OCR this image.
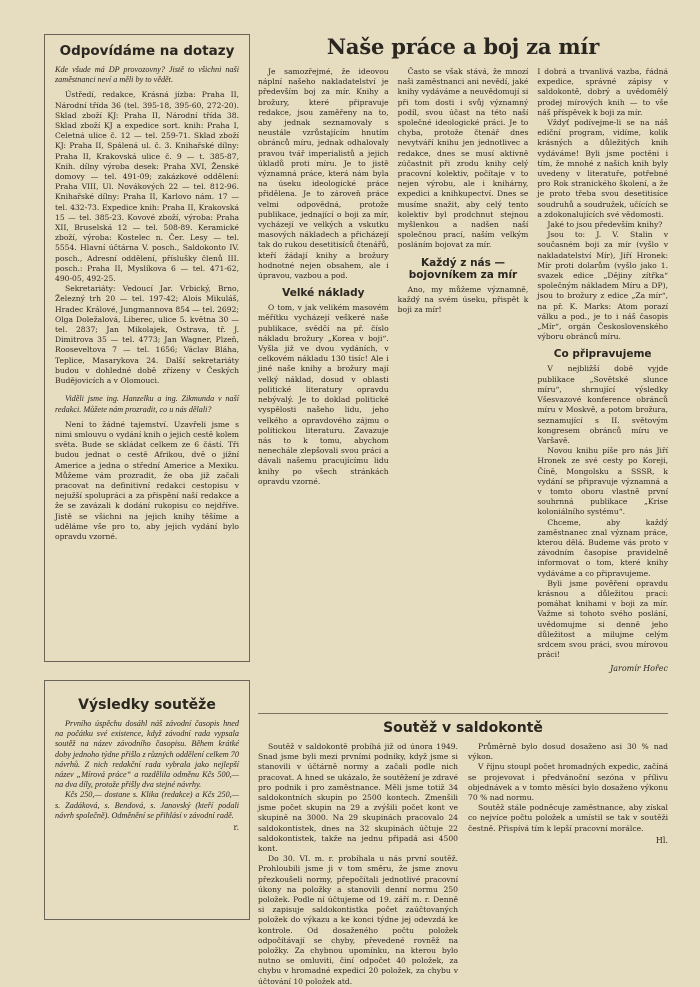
Odpovídáme na dotazy

Kde všude má DP provozovny? Jistě to všichni naši zaměstnanci neví a měli by to vědět.

Ústředí, redakce, Krásná jízba: Praha II, Národní třída 36 (tel. 395-18, 395-60, 272-20). Sklad zboží KJ: Praha II, Národní třída 38. Sklad zboží KJ a expedice sort. knih: Praha I, Celetná ulice č. 12 — tel. 259-71. Sklad zboží KJ: Praha II, Spálená ul. č. 3. Knihařské dílny: Praha II, Krakovská ulice č. 9 — t. 385-87, Knih. dílny výroba desek: Praha XVI, Ženské domovy — tel. 491-09; zakázkové oddělení: Praha VIII, Ul. Novákových 22 — tel. 812-96. Knihařské dílny: Praha II, Karlovo nám. 17 — tel. 432-73. Expedice knih: Praha II, Krakovská 15 — tel. 385-23. Kovové zboží, výroba: Praha XII, Bruselská 12 — tel. 508-89. Keramické zboží, výroba: Kostelec n. Čer. Lesy — tel. 5554. Hlavní účtárna V. posch., Saldokonto IV. posch., Adresní oddělení, příslušky členů III. posch.: Praha II, Myslíkova 6 — tel. 471-62, 490-05, 492-25.

Sekretariáty: Vedoucí Jar. Vrbický, Brno, Železný trh 20 — tel. 197-42; Alois Mikuláš, Hradec Králové, Jungmannova 854 — tel. 2692; Olga Doležalová, Liberec, ulice 5. května 30 — tel. 2837; Jan Mikolajek, Ostrava, tř. J. Dimitrova 35 — tel. 4773; Jan Wagner, Plzeň, Rooseveltova 7 — tel. 1656; Václav Bláha, Teplice, Masarykova 24. Další sekretariáty budou v dohledné době zřízeny v Českých Budějovicích a v Olomouci.

Viděli jsme ing. Hanzelku a ing. Zikmunda v naší redakci. Můžete nám prozradit, co u nás dělali?

Není to žádné tajemství. Uzavřeli jsme s nimi smlouvu o vydání knih o jejich cestě kolem světa. Bude se skládat celkem ze 6 částí. Tři budou jednat o cestě Afrikou, dvě o jižní Americe a jedna o střední Americe a Mexiku. Můžeme vám prozradit, že oba již začali pracovat na definitivní redakci cestopisu v nejužší spolupráci a za přispění naší redakce a že se zavázali k dodání rukopisu co nejdříve. Jistě se všichni na jejich knihy těšíme a uděláme vše pro to, aby jejich vydání bylo opravdu vzorné.

Výsledky soutěže

Prvního úspěchu dosáhl náš závodní časopis hned na počátku své existence, když závodní rada vypsala soutěž na název závodního časopisu. Během krátké doby jednoho týdne přišlo z různých oddělení celkem 70 návrhů. Z nich redakční rada vybrala jako nejlepší název „Mírová práce“ a rozdělila odměnu Kčs 500,— na dva díly, protože přišly dva stejné návrhy.

Kčs 250,— dostane s. Klika (redakce) a Kčs 250,— s. Zadáková, s. Bendová, s. Janovský (kteří podali návrh společně). Odměnění se přihlásí v závodní radě.

r.
Naše práce a boj za mír

Je samozřejmé, že ideovou náplní našeho nakladatelství je především boj za mír. Knihy a brožury, které připravuje redakce, jsou zaměřeny na to, aby jednak seznamovaly s neustále vzrůstajícím hnutím obránců míru, jednak odhalovaly pravou tvář imperialistů a jejich úkladů proti míru. Je to jistě významná práce, která nám byla na úseku ideologické práce přidělena. Je to zároveň práce velmi odpovědná, protože publikace, jednající o boji za mír, vycházejí ve velkých a vskutku masových nákladech a přicházejí tak do rukou desetitisíců čtenářů, kteří žádají knihy a brožury hodnotné nejen obsahem, ale i úpravou, vazbou a pod.

Velké náklady

O tom, v jak velikém masovém měřítku vycházejí veškeré naše publikace, svědčí na př. číslo nákladu brožury „Korea v boji“. Vyšla již ve dvou vydáních, v celkovém nákladu 130 tisíc! Ale i jiné naše knihy a brožury mají velký náklad, dosud v oblasti politické literatury opravdu nebývalý. Je to doklad politické vyspělosti našeho lidu, jeho velkého a opravdového zájmu o politickou literaturu. Zavazuje nás to k tomu, abychom nenechále zlepšovali svou práci a dávali našemu pracujícímu lidu knihy po všech stránkách opravdu vzorné.

Často se však stává, že mnozí naši zaměstnanci ani nevědí, jaké knihy vydáváme a neuvědomují si při tom dosti i svůj významný podíl, svou účast na této naší společné ideologické práci. Je to chyba, protože čtenář dnes nevytváří knihu jen jednotlivec a redakce, dnes se musí aktivně zúčastnit při zrodu knihy celý pracovní kolektiv, počítaje v to nejen výrobu, ale i knihárny, expedici a knihkupectví. Dnes se musíme snažit, aby celý tento kolektiv byl prodchnut stejnou myšlenkou a nadšen naší společnou prací, naším velkým posláním bojovat za mír.

Každý z nás — bojovníkem za mír

Ano, my můžeme významně, každý na svém úseku, přispět k boji za mír!

I dobrá a trvanlivá vazba, řádná expedice, správné zápisy v saldokontě, dobrý a uvědomělý prodej mírových knih — to vše náš příspěvek k boji za mír.

Vždyť podívejme-li se na náš ediční program, vidíme, kolik krásných a důležitých knih vydáváme! Byli jsme poctěni i tím, že mnohé z našich knih byly uvedeny v literatuře, potřebné pro Rok stranického školení, a že je proto třeba svou desetitisíce soudruhů a soudružek, učících se a zdokonalujících své vědomosti.

Jaké to jsou především knihy?

Jsou to: J. V. Stalin v současném boji za mír (vyšlo v nakladatelství Mír), Jiří Hronek: Mír proti dolarům (vyšlo jako 1. svazek edice „Dějiny zítřka“ společným nákladem Míru a DP), jsou to brožury z edice „Za mír“, na př. K. Marks: Atom porazí válku a pod., je to i náš časopis „Mír“, orgán Československého výboru obránců míru.

Co připravujeme

V nejbližší době vyjde publikace „Sovětské slunce míru“, shrnující výsledky Všesvazové konference obránců míru v Moskvě, a potom brožura, seznamující s II. světovým kongresem obránců míru ve Varšavě.

Novou knihu píše pro nás Jiří Hronek ze své cesty po Koreji, Číně, Mongolsku a SSSR, k vydání se připravuje významná a v tomto oboru vlastně první souhrnná publikace „Krise koloniálního systému“.

Chceme, aby každý zaměstnanec znal význam práce, kterou dělá. Budeme vás proto v závodním časopise pravidelně informovat o tom, které knihy vydáváme a co připravujeme.

Byli jsme pověřeni opravdu krásnou a důležitou prací: pomáhat knihami v boji za mír. Važme si tohoto svého poslání, uvědomujme si denně jeho důležitost a milujme celým srdcem svou práci, svou mírovou práci!

Jaromír Hořec
Soutěž v saldokontě

Soutěž v saldokontě probíhá již od února 1949. Snad jsme byli mezi prvními podniky, když jsme si stanovili v účtárně normy a začali podle nich pracovat. A hned se ukázalo, že soutěžení je zdravé pro podnik i pro zaměstnance. Měli jsme totiž 34 saldokontních skupin po 2500 kontech. Zmenšili jsme počet skupin na 29 a zvýšili počet kont ve skupině na 3000. Na 29 skupinách pracovalo 24 saldokontistek, dnes na 32 skupinách účtuje 22 saldokontistek, takže na jednu připadá asi 4500 kont.

Do 30. VI. m. r. probíhala u nás první soutěž. Prohloubili jsme ji v tom směru, že jsme znovu přezkoušeli normy, přepočítali jednotlivé pracovní úkony na položky a stanovili denní normu 250 položek. Podle ní účtujeme od 19. září m. r. Denně si zapisuje saldokontistka počet zaúčtovaných položek do výkazu a ke konci týdne jej odevzdá ke kontrole. Od dosaženého počtu položek odpočítávají se chyby, převedené rovněž na položky. Za chybnou upomínku, na kterou bylo nutno se omluviti, činí odpočet 40 položek, za chybu v hromadné expedici 20 položek, za chybu v účtování 10 položek atd.

Průměrně bylo dosud dosaženo asi 30 % nad výkon.

V říjnu stoupl počet hromadných expedic, začíná se projevovat i předvánoční sezóna v přílivu objednávek a v tomto měsíci bylo dosaženo výkonu 70 % nad normu.

Soutěž stále podněcuje zaměstnance, aby získal co nejvíce počtu položek a umístil se tak v soutěži čestně. Přispívá tím k lepší pracovní morálce.

Hl.
